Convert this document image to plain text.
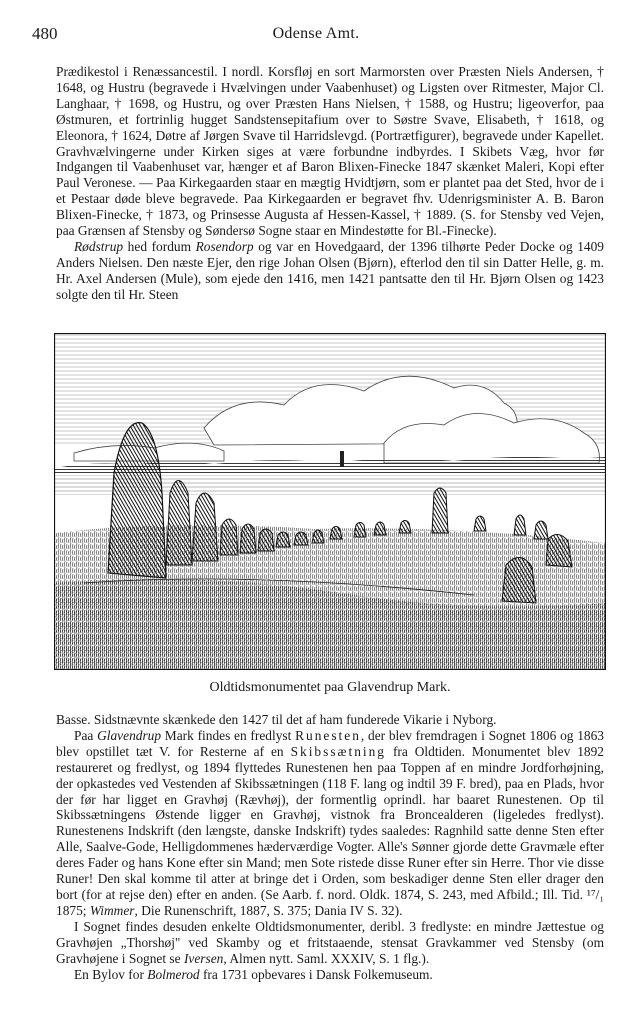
480	Odense Amt.

Prædikestol i Renæssancestil. I nordl. Korsfløj en sort Marmorsten over Præsten Niels Andersen, † 1648, og Hustru (begravede i Hvælvingen under Vaabenhuset) og Ligsten over Ritmester, Major Cl. Langhaar, † 1698, og Hustru, og over Præsten Hans Nielsen, † 1588, og Hustru; ligeoverfor, paa Østmuren, et fortrinlig hugget Sandstensepitafium over to Søstre Svave, Elisabeth, † 1618, og Eleonora, † 1624, Døtre af Jørgen Svave til Harridslevgd. (Portrætfigurer), begravede under Kapellet. Gravhvælvingerne under Kirken siges at være forbundne indbyrdes. I Skibets Væg, hvor før Indgangen til Vaabenhuset var, hænger et af Baron Blixen-Finecke 1847 skænket Maleri, Kopi efter Paul Veronese. — Paa Kirkegaarden staar en mægtig Hvidtjørn, som er plantet paa det Sted, hvor de i et Pestaar døde bleve begravede. Paa Kirkegaarden er begravet fhv. Udenrigsminister A. B. Baron Blixen-Finecke, † 1873, og Prinsesse Augusta af Hessen-Kassel, † 1889. (S. for Stensby ved Vejen, paa Grænsen af Stensby og Søndersø Sogne staar en Mindestøtte for Bl.-Finecke).

Rødstrup hed fordum Rosendorp og var en Hovedgaard, der 1396 tilhørte Peder Docke og 1409 Anders Nielsen. Den næste Ejer, den rige Johan Olsen (Bjørn), efterlod den til sin Datter Helle, g. m. Hr. Axel Andersen (Mule), som ejede den 1416, men 1421 pantsatte den til Hr. Bjørn Olsen og 1423 solgte den til Hr. Steen

Oldtidsmonumentet paa Glavendrup Mark.

Basse. Sidstnævnte skænkede den 1427 til det af ham funderede Vikarie i Nyborg.

Paa Glavendrup Mark findes en fredlyst Runesten, der blev fremdragen i Sognet 1806 og 1863 blev opstillet tæt V. for Resterne af en Skibssætning fra Oldtiden. Monumentet blev 1892 restaureret og fredlyst, og 1894 flyttedes Runestenen hen paa Toppen af en mindre Jordforhøjning, der opkastedes ved Vestenden af Skibssætningen (118 F. lang og indtil 39 F. bred), paa en Plads, hvor der før har ligget en Gravhøj (Rævhøj), der formentlig oprindl. har baaret Runestenen. Op til Skibssætningens Østende ligger en Gravhøj, vistnok fra Broncealderen (ligeledes fredlyst). Runestenens Indskrift (den længste, danske Indskrift) tydes saaledes: Ragnhild satte denne Sten efter Alle, Saalve-Gode, Helligdommenes hæderværdige Vogter. Alle's Sønner gjorde dette Gravmæle efter deres Fader og hans Kone efter sin Mand; men Sote ristede disse Runer efter sin Herre. Thor vie disse Runer! Den skal komme til atter at bringe det i Orden, som beskadiger denne Sten eller drager den bort (for at rejse den) efter en anden. (Se Aarb. f. nord. Oldk. 1874, S. 243, med Afbild.; Ill. Tid. ¹⁷/₁ 1875; Wimmer, Die Runenschrift, 1887, S. 375; Dania IV S. 32).

I Sognet findes desuden enkelte Oldtidsmonumenter, deribl. 3 fredlyste: en mindre Jættestue og Gravhøjen „Thorshøj" ved Skamby og et fritstaaende, stensat Gravkammer ved Stensby (om Gravhøjene i Sognet se Iversen, Almen nytt. Saml. XXXIV, S. 1 flg.).

En Bylov for Bolmerod fra 1731 opbevares i Dansk Folkemuseum.
